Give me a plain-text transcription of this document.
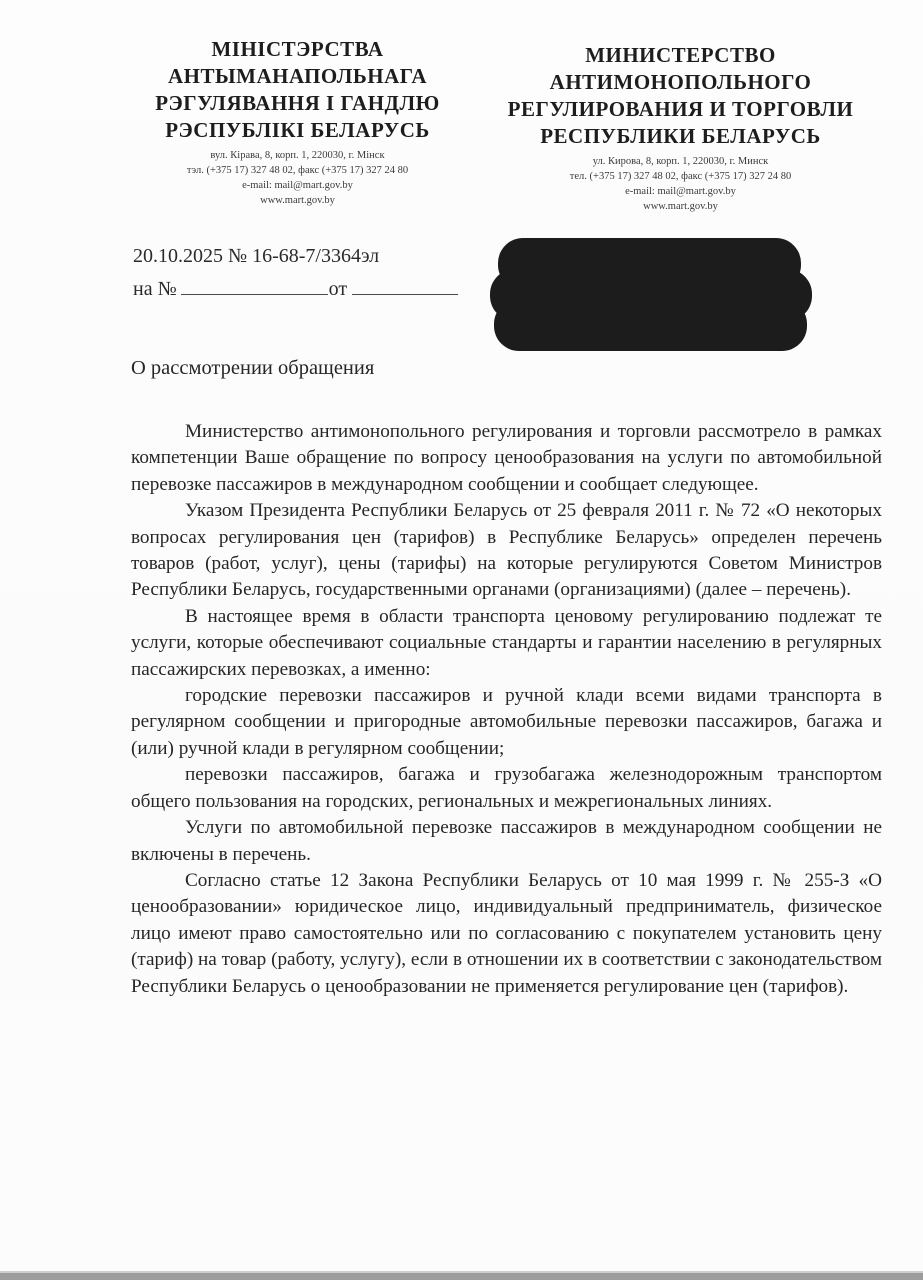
МІНІСТЭРСТВА
АНТЫМАНАПОЛЬНАГА
РЭГУЛЯВАННЯ І ГАНДЛЮ
РЭСПУБЛІКІ БЕЛАРУСЬ
вул. Кірава, 8, корп. 1, 220030, г. Мінск
тэл. (+375 17) 327 48 02, факс (+375 17) 327 24 80
e-mail: mail@mart.gov.by
www.mart.gov.by
МИНИСТЕРСТВО
АНТИМОНОПОЛЬНОГО
РЕГУЛИРОВАНИЯ И ТОРГОВЛИ
РЕСПУБЛИКИ БЕЛАРУСЬ
ул. Кирова, 8, корп. 1, 220030, г. Минск
тел. (+375 17) 327 48 02, факс (+375 17) 327 24 80
e-mail: mail@mart.gov.by
www.mart.gov.by
20.10.2025 № 16-68-7/3364эл
на №	от
О рассмотрении обращения

Министерство антимонопольного регулирования и торговли рассмотрело в рамках компетенции Ваше обращение по вопросу ценообразования на услуги по автомобильной перевозке пассажиров в международном сообщении и сообщает следующее.

Указом Президента Республики Беларусь от 25 февраля 2011 г. № 72 «О некоторых вопросах регулирования цен (тарифов) в Республике Беларусь» определен перечень товаров (работ, услуг), цены (тарифы) на которые регулируются Советом Министров Республики Беларусь, государственными органами (организациями) (далее – перечень).

В настоящее время в области транспорта ценовому регулированию подлежат те услуги, которые обеспечивают социальные стандарты и гарантии населению в регулярных пассажирских перевозках, а именно:

городские перевозки пассажиров и ручной клади всеми видами транспорта в регулярном сообщении и пригородные автомобильные перевозки пассажиров, багажа и (или) ручной клади в регулярном сообщении;

перевозки пассажиров, багажа и грузобагажа железнодорожным транспортом общего пользования на городских, региональных и межрегиональных линиях.

Услуги по автомобильной перевозке пассажиров в международном сообщении не включены в перечень.

Согласно статье 12 Закона Республики Беларусь от 10 мая 1999 г. № 255-З «О ценообразовании» юридическое лицо, индивидуальный предприниматель, физическое лицо имеют право самостоятельно или по согласованию с покупателем установить цену (тариф) на товар (работу, услугу), если в отношении их в соответствии с законодательством Республики Беларусь о ценообразовании не применяется регулирование цен (тарифов).
